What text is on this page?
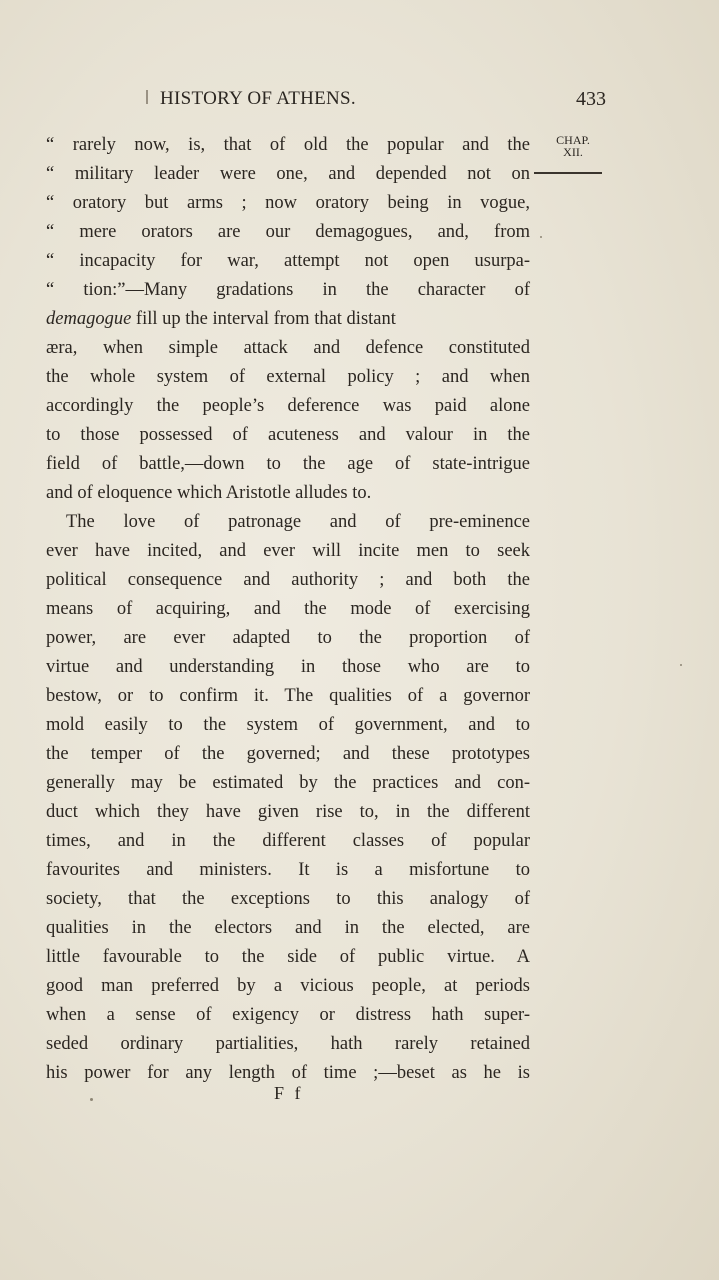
HISTORY OF ATHENS.	433
CHAP.
XII.
“ rarely now, is, that of old the popular and the
“ military leader were one, and depended not on
“ oratory but arms ; now oratory being in vogue,
“ mere orators are our demagogues, and, from
“ incapacity for war, attempt not open usurpa-
“ tion:”—Many gradations in the character of
demagogue fill up the interval from that distant
æra, when simple attack and defence constituted
the whole system of external policy ; and when
accordingly the people’s deference was paid alone
to those possessed of acuteness and valour in the
field of battle,—down to the age of state-intrigue
and of eloquence which Aristotle alludes to.
The love of patronage and of pre-eminence
ever have incited, and ever will incite men to seek
political consequence and authority ; and both the
means of acquiring, and the mode of exercising
power, are ever adapted to the proportion of
virtue and understanding in those who are to
bestow, or to confirm it. The qualities of a governor
mold easily to the system of government, and to
the temper of the governed; and these prototypes
generally may be estimated by the practices and con-
duct which they have given rise to, in the different
times, and in the different classes of popular
favourites and ministers. It is a misfortune to
society, that the exceptions to this analogy of
qualities in the electors and in the elected, are
little favourable to the side of public virtue. A
good man preferred by a vicious people, at periods
when a sense of exigency or distress hath super-
seded ordinary partialities, hath rarely retained
his power for any length of time ;—beset as he is
F f
